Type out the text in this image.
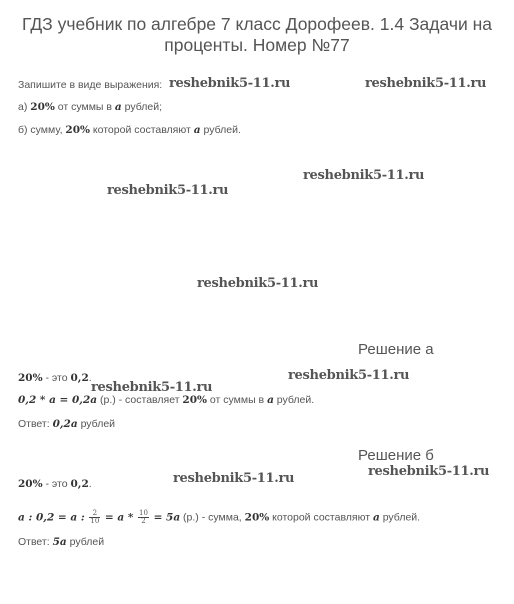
ГДЗ учебник по алгебре 7 класс Дорофеев. 1.4 Задачи на
проценты. Номер №77
Запишите в виде выражения:
а) 20% от суммы в a рублей;
б) сумму, 20% которой составляют a рублей.
reshebnik5-11.ru	reshebnik5-11.ru
reshebnik5-11.ru
reshebnik5-11.ru
reshebnik5-11.ru
reshebnik5-11.ru
reshebnik5-11.ru
reshebnik5-11.ru
reshebnik5-11.ru
Решение а
20% - это 0,2.
0,2 * a = 0,2a (р.) - составляет 20% от суммы в a рублей.
Ответ: 0,2a рублей
Решение б
20% - это 0,2.
a : 0,2 = a : $\frac{2}{10} = a * \frac{10}{2} = 5a$ (р.) - сумма, 20% которой составляют a рублей.
Ответ: 5a рублей
